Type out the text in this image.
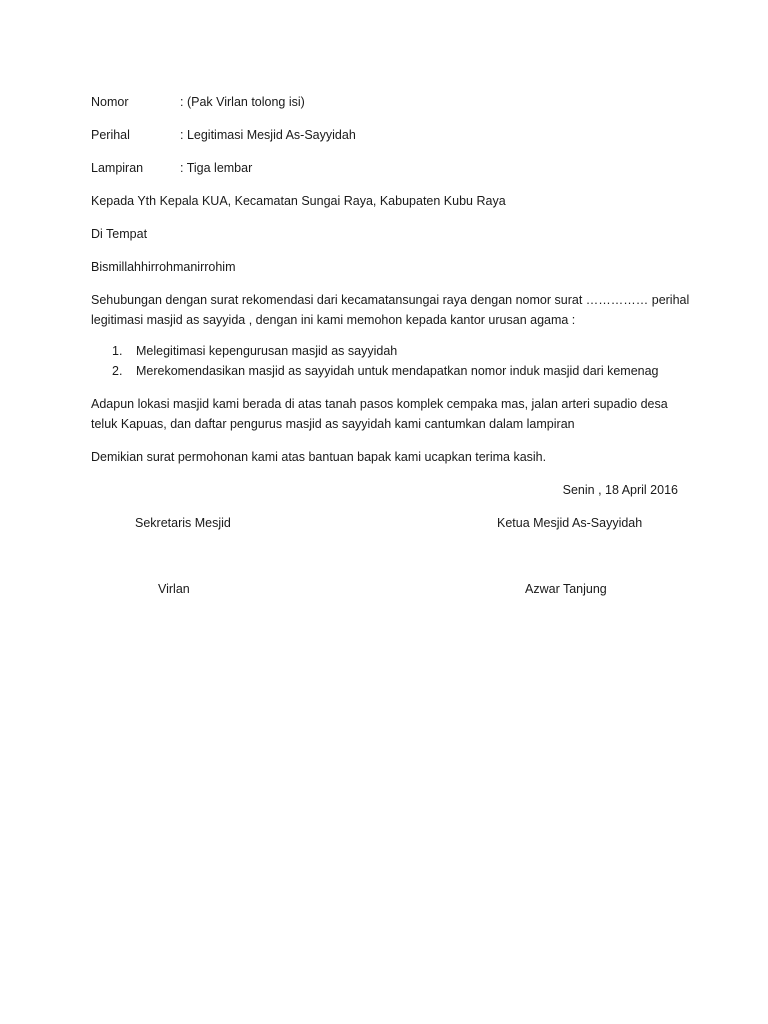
Nomor	: (Pak Virlan tolong isi)
Perihal	: Legitimasi Mesjid As-Sayyidah
Lampiran	: Tiga lembar
Kepada Yth Kepala KUA, Kecamatan Sungai Raya, Kabupaten Kubu Raya
Di Tempat
Bismillahhirrohmanirrohim
Sehubungan dengan surat rekomendasi dari kecamatansungai raya dengan nomor surat …………… perihal
legitimasi masjid as sayyida , dengan ini kami memohon kepada kantor urusan agama :
1. Melegitimasi kepengurusan masjid as sayyidah
2. Merekomendasikan masjid as sayyidah untuk mendapatkan nomor induk masjid dari kemenag
Adapun lokasi masjid kami berada di atas tanah pasos komplek cempaka mas, jalan arteri supadio desa
teluk Kapuas, dan daftar pengurus masjid as sayyidah kami cantumkan dalam lampiran
Demikian surat permohonan kami atas bantuan bapak kami ucapkan terima kasih.
Senin , 18 April 2016
Sekretaris Mesjid	Ketua Mesjid As-Sayyidah
Virlan	Azwar Tanjung
